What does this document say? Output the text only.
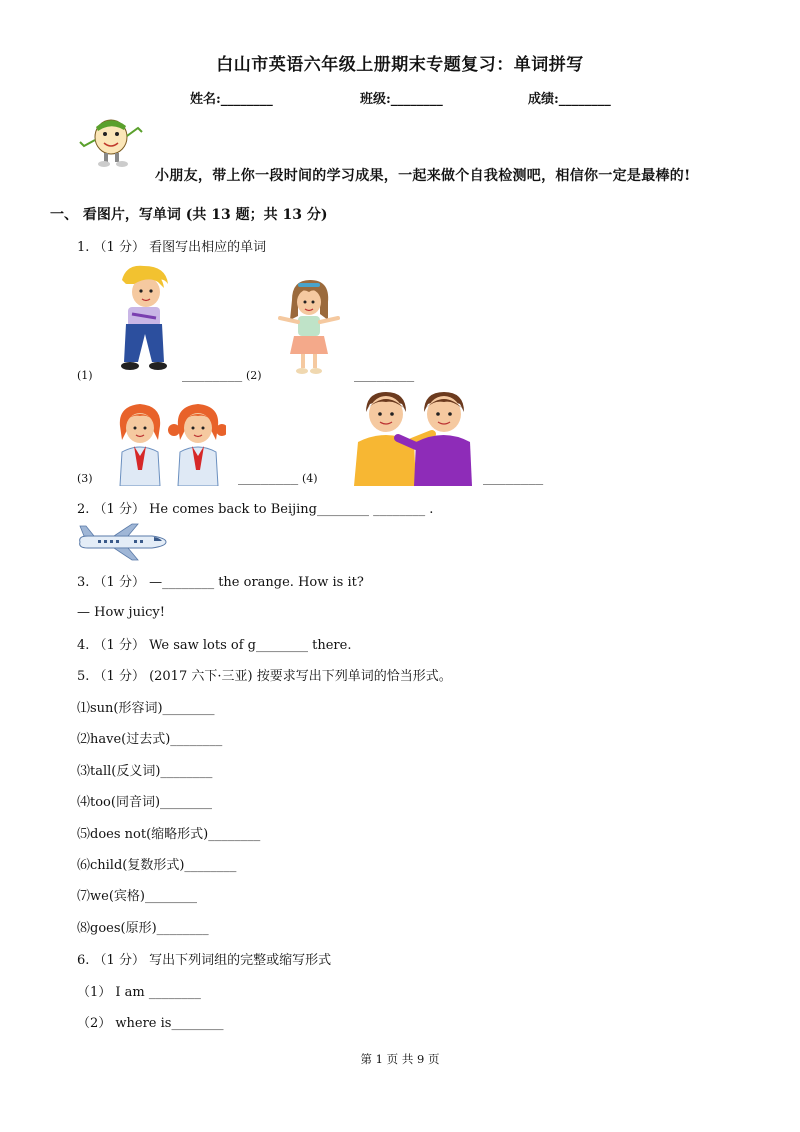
白山市英语六年级上册期末专题复习：单词拼写
姓名:________	班级:________	成绩:________
小朋友，带上你一段时间的学习成果，一起来做个自我检测吧，相信你一定是最棒的!
一、 看图片，写单词 (共 13 题；共 13 分)
1. （1 分） 看图写出相应的单词
(1)	________ (2)	________
(3)	________ (4)	________
2. （1 分） He comes back to Beijing________ ________ .
3. （1 分） —________ the orange. How is it?
— How juicy!
4. （1 分） We saw lots of g________ there.
5. （1 分） (2017 六下·三亚) 按要求写出下列单词的恰当形式。
⑴sun(形容词)________
⑵have(过去式)________
⑶tall(反义词)________
⑷too(同音词)________
⑸does not(缩略形式)________
⑹child(复数形式)________
⑺we(宾格)________
⑻goes(原形)________
6. （1 分） 写出下列词组的完整或缩写形式
（1） I am ________
（2） where is________
第 1 页 共 9 页
